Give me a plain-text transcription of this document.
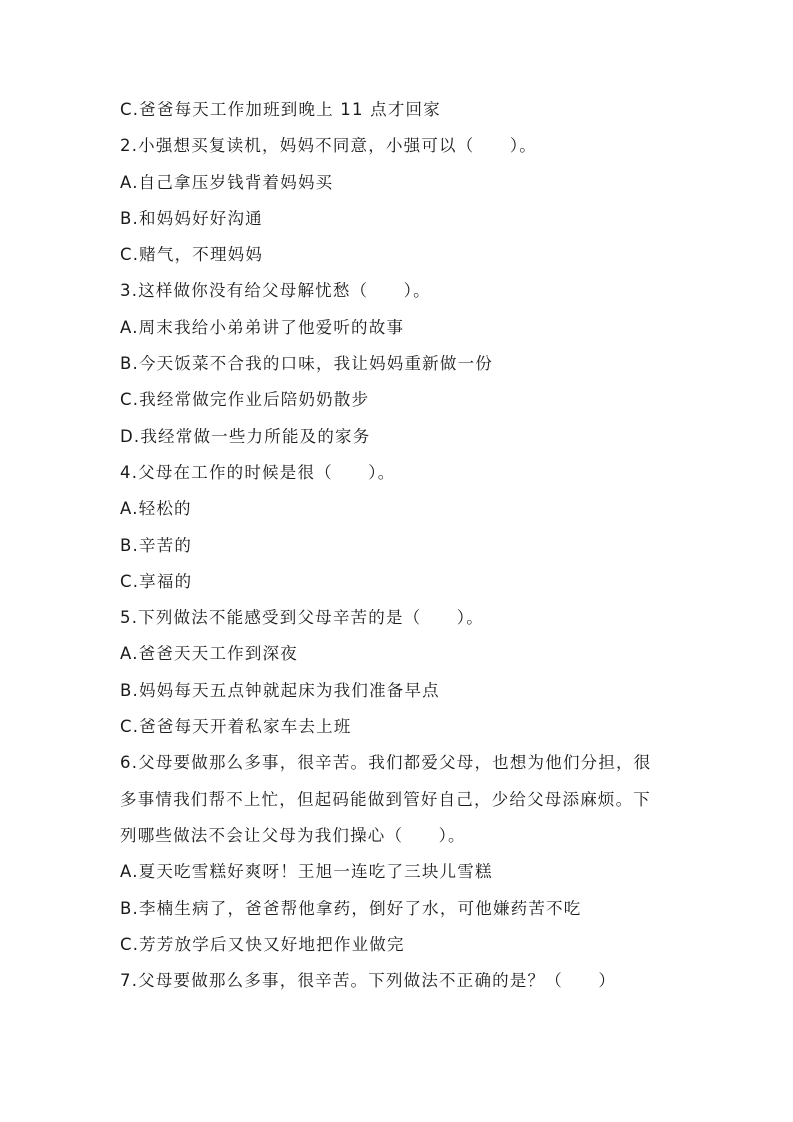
C.爸爸每天工作加班到晚上 11 点才回家
2.小强想买复读机，妈妈不同意，小强可以（　　）。
A.自己拿压岁钱背着妈妈买
B.和妈妈好好沟通
C.赌气，不理妈妈
3.这样做你没有给父母解忧愁（　　）。
A.周末我给小弟弟讲了他爱听的故事
B.今天饭菜不合我的口味，我让妈妈重新做一份
C.我经常做完作业后陪奶奶散步
D.我经常做一些力所能及的家务
4.父母在工作的时候是很（　　）。
A.轻松的
B.辛苦的
C.享福的
5.下列做法不能感受到父母辛苦的是（　　）。
A.爸爸天天工作到深夜
B.妈妈每天五点钟就起床为我们准备早点
C.爸爸每天开着私家车去上班
6.父母要做那么多事，很辛苦。我们都爱父母，也想为他们分担，很
多事情我们帮不上忙，但起码能做到管好自己，少给父母添麻烦。下
列哪些做法不会让父母为我们操心（　　）。
A.夏天吃雪糕好爽呀！王旭一连吃了三块儿雪糕
B.李楠生病了，爸爸帮他拿药，倒好了水，可他嫌药苦不吃
C.芳芳放学后又快又好地把作业做完
7.父母要做那么多事，很辛苦。下列做法不正确的是？（　　）
